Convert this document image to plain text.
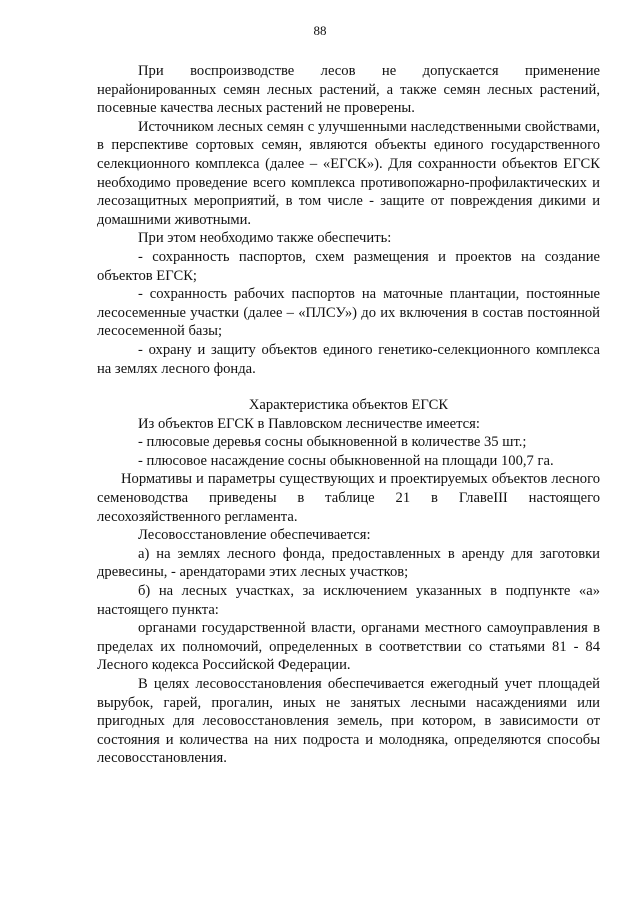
88

При воспроизводстве лесов не допускается применение нерайонированных семян лесных растений, а также семян лесных растений, посевные качества лесных растений не проверены.

Источником лесных семян с улучшенными наследственными свойствами, в перспективе сортовых семян, являются объекты единого государственного селекционного комплекса (далее – «ЕГСК»). Для сохранности объектов ЕГСК необходимо проведение всего комплекса противопожарно-профилактических и лесозащитных мероприятий, в том числе - защите от повреждения дикими и домашними животными.

При этом необходимо также обеспечить:

- сохранность паспортов, схем размещения и проектов на создание объектов ЕГСК;

- сохранность рабочих паспортов на маточные плантации, постоянные лесосеменные участки (далее – «ПЛСУ») до их включения в состав постоянной лесосеменной базы;

- охрану и защиту объектов единого генетико-селекционного комплекса на землях лесного фонда.

Характеристика объектов ЕГСК

Из объектов ЕГСК в Павловском лесничестве имеется:

- плюсовые деревья сосны обыкновенной в количестве 35 шт.;

- плюсовое насаждение сосны обыкновенной на площади 100,7 га.

Нормативы и параметры существующих и проектируемых объектов лесного семеноводства приведены в таблице 21 в ГлавеIII настоящего лесохозяйственного регламента.

Лесовосстановление обеспечивается:

а) на землях лесного фонда, предоставленных в аренду для заготовки древесины, - арендаторами этих лесных участков;

б) на лесных участках, за исключением указанных в подпункте «а» настоящего пункта:

органами государственной власти, органами местного самоуправления в пределах их полномочий, определенных в соответствии со статьями 81 - 84 Лесного кодекса Российской Федерации.

В целях лесовосстановления обеспечивается ежегодный учет площадей вырубок, гарей, прогалин, иных не занятых лесными насаждениями или пригодных для лесовосстановления земель, при котором, в зависимости от состояния и количества на них подроста и молодняка, определяются способы лесовосстановления.
